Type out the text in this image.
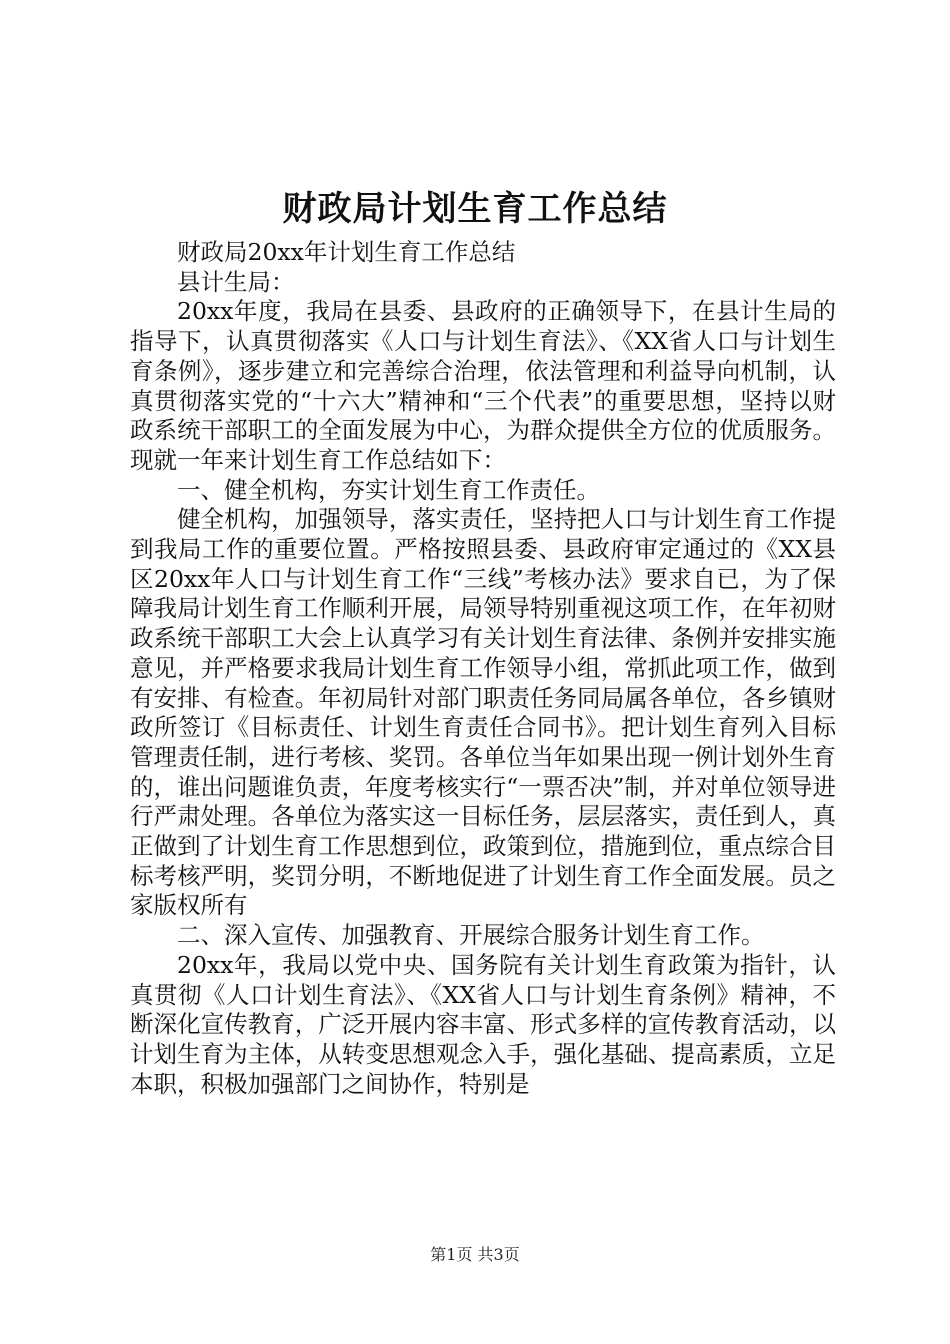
财政局计划生育工作总结

财政局20xx年计划生育工作总结

县计生局：

20xx年度，我局在县委、县政府的正确领导下，在县计生局的指导下，认真贯彻落实《人口与计划生育法》、《XX省人口与计划生育条例》，逐步建立和完善综合治理，依法管理和利益导向机制，认真贯彻落实党的“十六大”精神和“三个代表”的重要思想，坚持以财政系统干部职工的全面发展为中心，为群众提供全方位的优质服务。现就一年来计划生育工作总结如下：

一、健全机构，夯实计划生育工作责任。

健全机构，加强领导，落实责任，坚持把人口与计划生育工作提到我局工作的重要位置。严格按照县委、县政府审定通过的《XX县区20xx年人口与计划生育工作“三线”考核办法》要求自已，为了保障我局计划生育工作顺利开展，局领导特别重视这项工作，在年初财政系统干部职工大会上认真学习有关计划生育法律、条例并安排实施意见，并严格要求我局计划生育工作领导小组，常抓此项工作，做到有安排、有检查。年初局针对部门职责任务同局属各单位，各乡镇财政所签订《目标责任、计划生育责任合同书》。把计划生育列入目标管理责任制，进行考核、奖罚。各单位当年如果出现一例计划外生育的，谁出问题谁负责，年度考核实行“一票否决”制，并对单位领导进行严肃处理。各单位为落实这一目标任务，层层落实，责任到人，真正做到了计划生育工作思想到位，政策到位，措施到位，重点综合目标考核严明，奖罚分明，不断地促进了计划生育工作全面发展。员之家版权所有

二、深入宣传、加强教育、开展综合服务计划生育工作。

20xx年，我局以党中央、国务院有关计划生育政策为指针，认真贯彻《人口计划生育法》、《XX省人口与计划生育条例》精神，不断深化宣传教育，广泛开展内容丰富、形式多样的宣传教育活动，以计划生育为主体，从转变思想观念入手，强化基础、提高素质，立足本职，积极加强部门之间协作，特别是

第1页 共3页
